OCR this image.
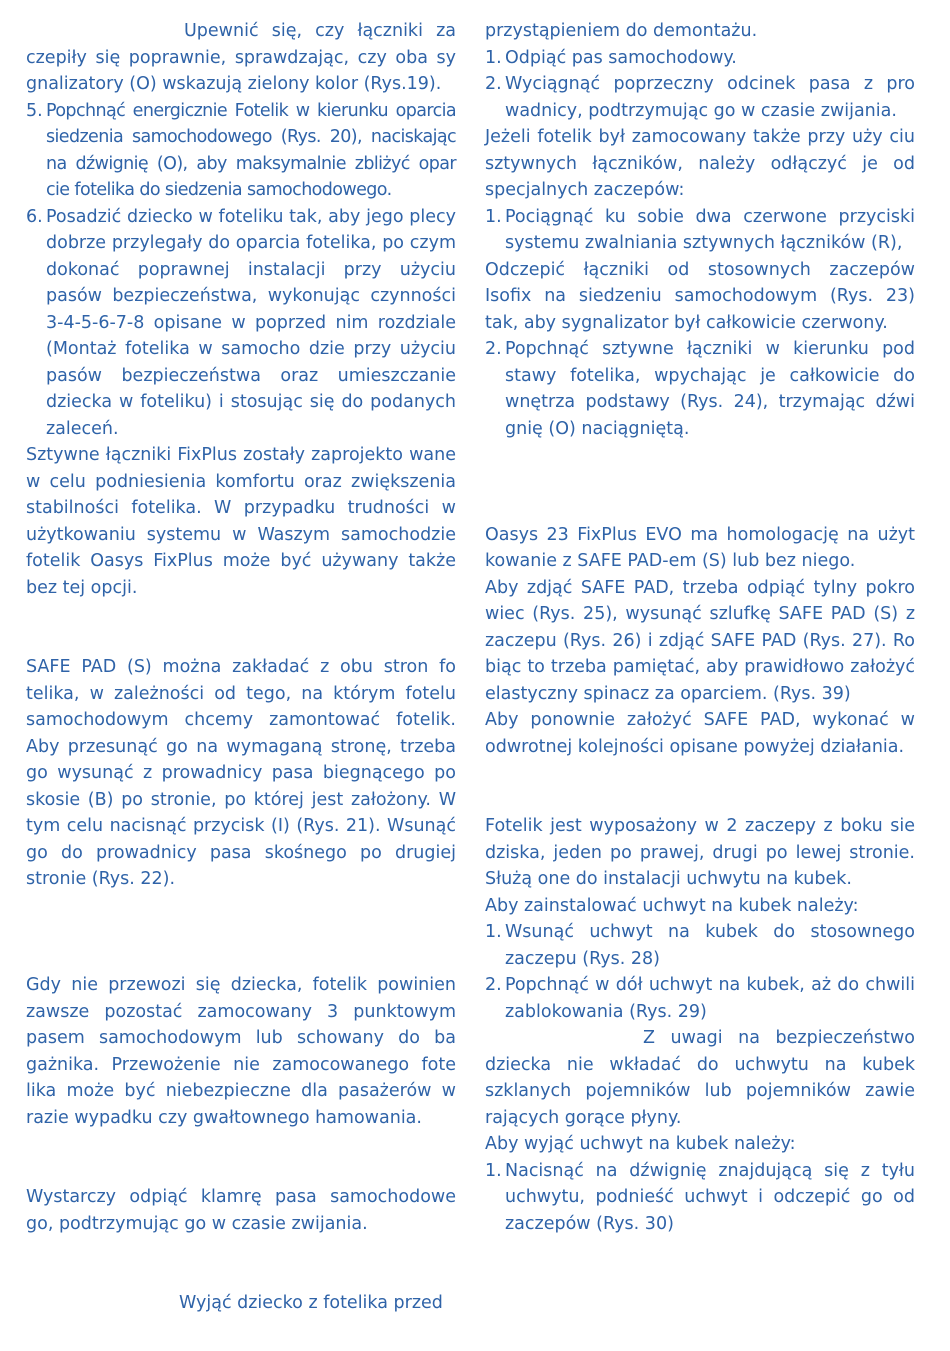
Upewnić się, czy łączniki za czepiły się poprawnie, sprawdzając, czy oba sy gnalizatory (O) wskazują zielony kolor (Rys.19).

5. Popchnąć energicznie Fotelik w kierunku oparcia siedzenia samochodowego (Rys. 20), naciskając na dźwignię (O), aby maksymalnie zbliżyć opar cie fotelika do siedzenia samochodowego.
6. Posadzić dziecko w foteliku tak, aby jego plecy dobrze przylegały do oparcia fotelika, po czym dokonać poprawnej instalacji przy użyciu pasów bezpieczeństwa, wykonując czynności 3-4-5-6-7-8 opisane w poprzed nim rozdziale (Montaż fotelika w samocho dzie przy użyciu pasów bezpieczeństwa oraz umieszczanie dziecka w foteliku) i stosując się do podanych zaleceń.

Sztywne łączniki FixPlus zostały zaprojekto wane w celu podniesienia komfortu oraz zwiększenia stabilności fotelika. W przypadku trudności w użytkowaniu systemu w Waszym samochodzie fotelik Oasys FixPlus może być używany także bez tej opcji.

SAFE PAD (S) można zakładać z obu stron fo telika, w zależności od tego, na którym fotelu samochodowym chcemy zamontować fotelik. Aby przesunąć go na wymaganą stronę, trzeba go wysunąć z prowadnicy pasa biegnącego po skosie (B) po stronie, po której jest założony. W tym celu nacisnąć przycisk (I) (Rys. 21). Wsunąć go do prowadnicy pasa skośnego po drugiej stronie (Rys. 22).

Gdy nie przewozi się dziecka, fotelik powinien zawsze pozostać zamocowany 3 punktowym pasem samochodowym lub schowany do ba gażnika. Przewożenie nie zamocowanego fote lika może być niebezpieczne dla pasażerów w razie wypadku czy gwałtownego hamowania.

Wystarczy odpiąć klamrę pasa samochodowe go, podtrzymując go w czasie zwijania.

Wyjąć dziecko z fotelika przed

przystąpieniem do demontażu.

1. Odpiąć pas samochodowy.
2. Wyciągnąć poprzeczny odcinek pasa z pro wadnicy, podtrzymując go w czasie zwijania.

Jeżeli fotelik był zamocowany także przy uży ciu sztywnych łączników, należy odłączyć je od specjalnych zaczepów:

1. Pociągnąć ku sobie dwa czerwone przyciski systemu zwalniania sztywnych łączników (R),

Odczepić łączniki od stosownych zaczepów Isofix na siedzeniu samochodowym (Rys. 23) tak, aby sygnalizator był całkowicie czerwony.

2. Popchnąć sztywne łączniki w kierunku pod stawy fotelika, wpychając je całkowicie do wnętrza podstawy (Rys. 24), trzymając dźwi gnię (O) naciągniętą.

Oasys 23 FixPlus EVO ma homologację na użyt kowanie z SAFE PAD-em (S) lub bez niego.

Aby zdjąć SAFE PAD, trzeba odpiąć tylny pokro wiec (Rys. 25), wysunąć szlufkę SAFE PAD (S) z zaczepu (Rys. 26) i zdjąć SAFE PAD (Rys. 27). Ro biąc to trzeba pamiętać, aby prawidłowo założyć elastyczny spinacz za oparciem. (Rys. 39)

Aby ponownie założyć SAFE PAD, wykonać w odwrotnej kolejności opisane powyżej działania.

Fotelik jest wyposażony w 2 zaczepy z boku sie dziska, jeden po prawej, drugi po lewej stronie. Służą one do instalacji uchwytu na kubek.

Aby zainstalować uchwyt na kubek należy:

1. Wsunąć uchwyt na kubek do stosownego zaczepu (Rys. 28)
2. Popchnąć w dół uchwyt na kubek, aż do chwili zablokowania (Rys. 29)

Z uwagi na bezpieczeństwo dziecka nie wkładać do uchwytu na kubek szklanych pojemników lub pojemników zawie rających gorące płyny.

Aby wyjąć uchwyt na kubek należy:

1. Nacisnąć na dźwignię znajdującą się z tyłu uchwytu, podnieść uchwyt i odczepić go od zaczepów (Rys. 30)
